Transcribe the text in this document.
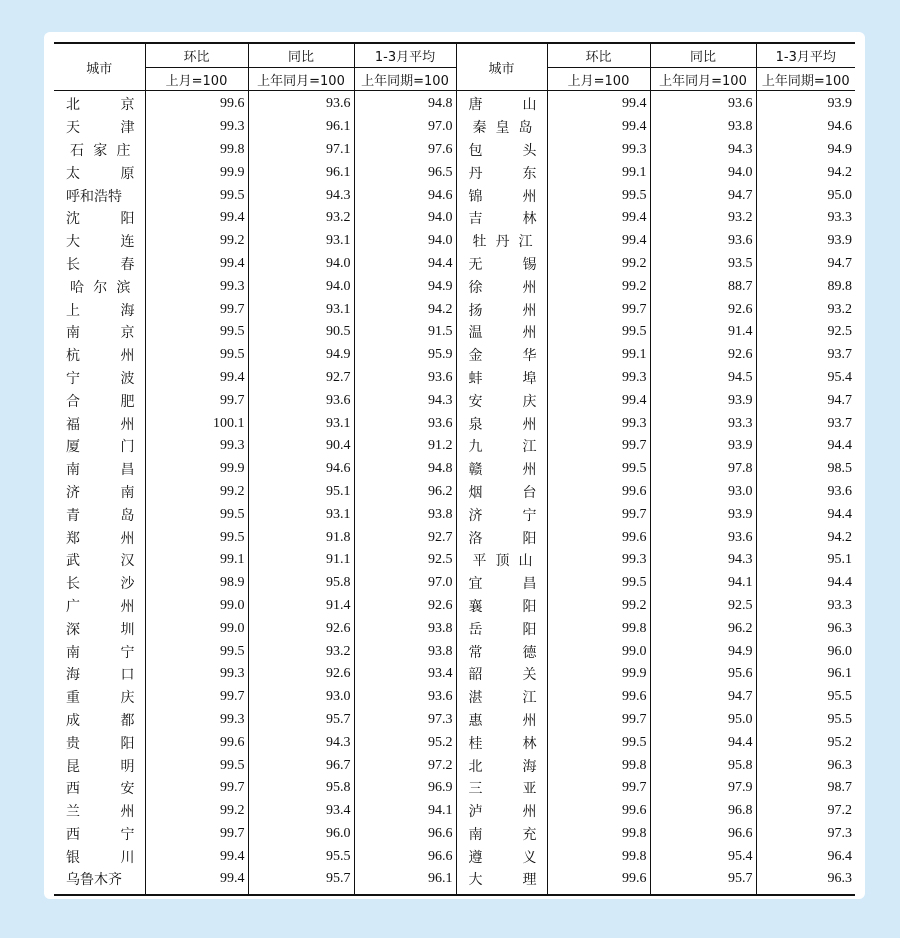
城市	环比	同比	1-3月平均	城市	环比	同比	1-3月平均
	上月=100	上年同月=100	上年同期=100		上月=100	上年同月=100	上年同期=100

北 京	99.6	93.6	94.8	唐 山	99.4	93.6	93.9

天 津	99.3	96.1	97.0	秦 皇 岛	99.4	93.8	94.6

石 家 庄	99.8	97.1	97.6	包 头	99.3	94.3	94.9

太 原	99.9	96.1	96.5	丹 东	99.1	94.0	94.2

呼和浩特	99.5	94.3	94.6	锦 州	99.5	94.7	95.0

沈 阳	99.4	93.2	94.0	吉 林	99.4	93.2	93.3

大 连	99.2	93.1	94.0	牡 丹 江	99.4	93.6	93.9

长 春	99.4	94.0	94.4	无 锡	99.2	93.5	94.7

哈 尔 滨	99.3	94.0	94.9	徐 州	99.2	88.7	89.8

上 海	99.7	93.1	94.2	扬 州	99.7	92.6	93.2

南 京	99.5	90.5	91.5	温 州	99.5	91.4	92.5

杭 州	99.5	94.9	95.9	金 华	99.1	92.6	93.7

宁 波	99.4	92.7	93.6	蚌 埠	99.3	94.5	95.4

合 肥	99.7	93.6	94.3	安 庆	99.4	93.9	94.7

福 州	100.1	93.1	93.6	泉 州	99.3	93.3	93.7

厦 门	99.3	90.4	91.2	九 江	99.7	93.9	94.4

南 昌	99.9	94.6	94.8	赣 州	99.5	97.8	98.5

济 南	99.2	95.1	96.2	烟 台	99.6	93.0	93.6

青 岛	99.5	93.1	93.8	济 宁	99.7	93.9	94.4

郑 州	99.5	91.8	92.7	洛 阳	99.6	93.6	94.2

武 汉	99.1	91.1	92.5	平 顶 山	99.3	94.3	95.1

长 沙	98.9	95.8	97.0	宜 昌	99.5	94.1	94.4

广 州	99.0	91.4	92.6	襄 阳	99.2	92.5	93.3

深 圳	99.0	92.6	93.8	岳 阳	99.8	96.2	96.3

南 宁	99.5	93.2	93.8	常 德	99.0	94.9	96.0

海 口	99.3	92.6	93.4	韶 关	99.9	95.6	96.1

重 庆	99.7	93.0	93.6	湛 江	99.6	94.7	95.5

成 都	99.3	95.7	97.3	惠 州	99.7	95.0	95.5

贵 阳	99.6	94.3	95.2	桂 林	99.5	94.4	95.2

昆 明	99.5	96.7	97.2	北 海	99.8	95.8	96.3

西 安	99.7	95.8	96.9	三 亚	99.7	97.9	98.7

兰 州	99.2	93.4	94.1	泸 州	99.6	96.8	97.2

西 宁	99.7	96.0	96.6	南 充	99.8	96.6	97.3

银 川	99.4	95.5	96.6	遵 义	99.8	95.4	96.4

乌鲁木齐	99.4	95.7	96.1	大 理	99.6	95.7	96.3
